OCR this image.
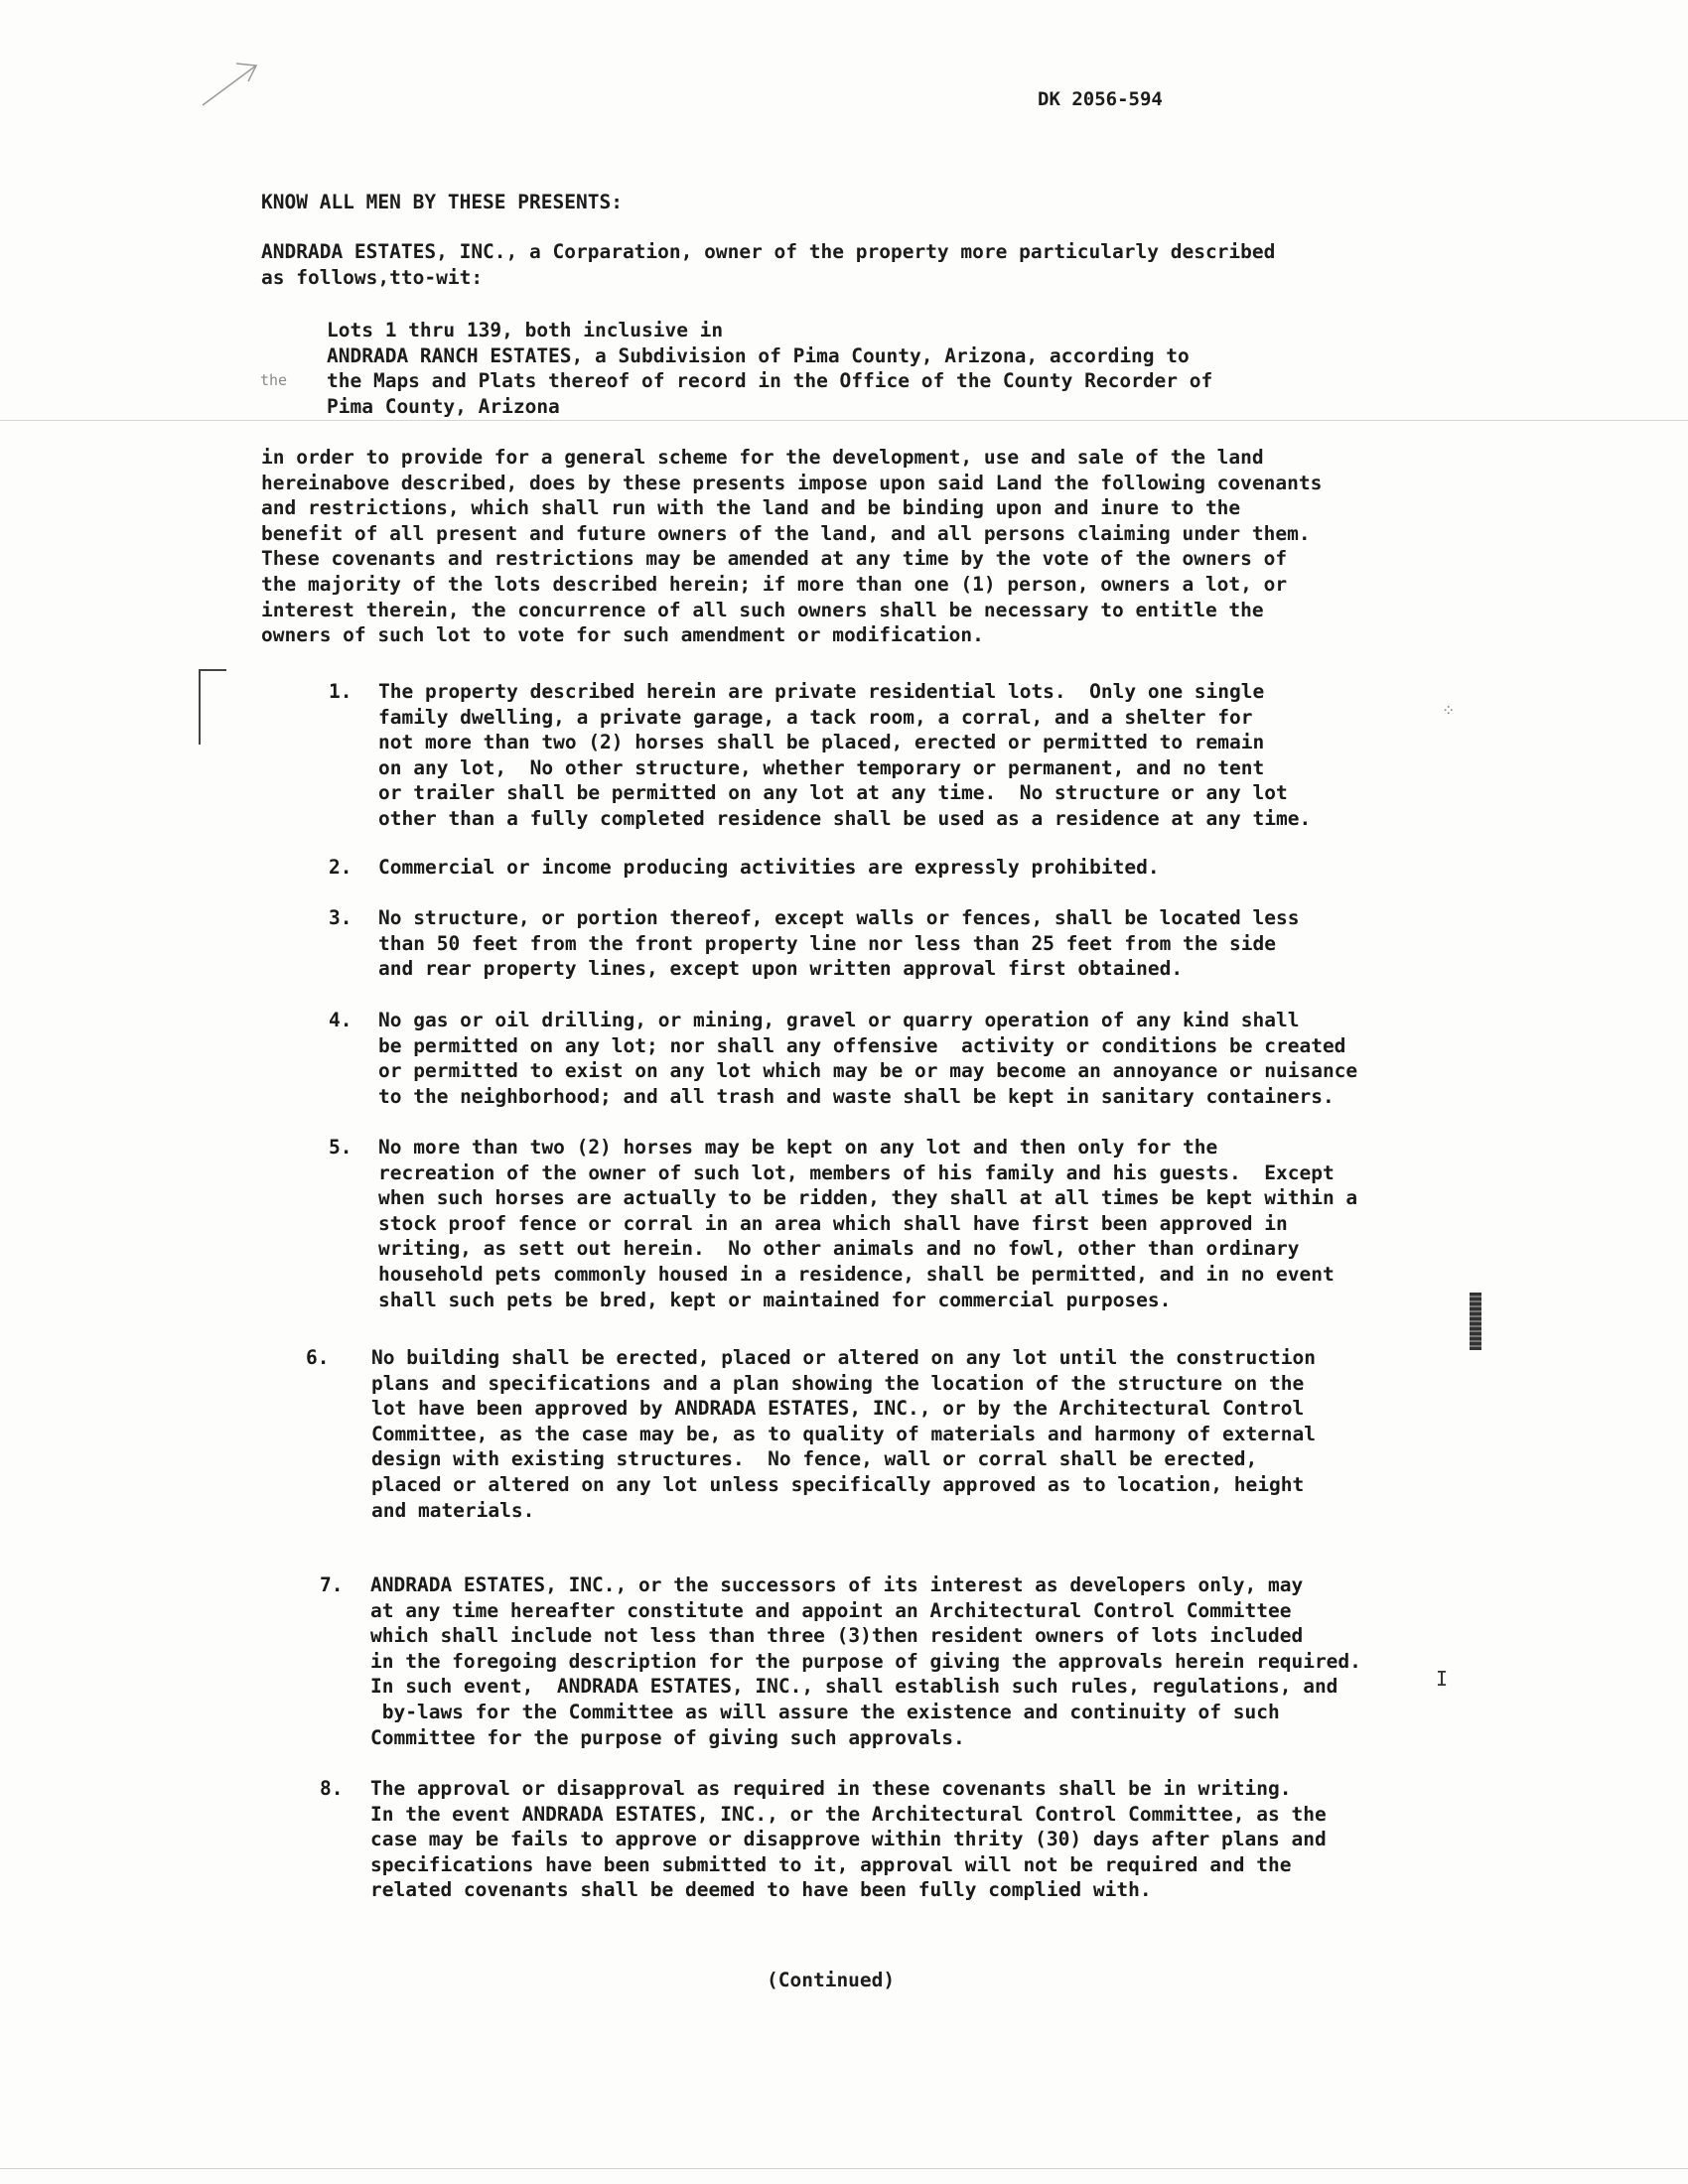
DK 2056-594

KNOW ALL MEN BY THESE PRESENTS:

ANDRADA ESTATES, INC., a Corparation, owner of the property more particularly described
as follows,tto-wit:

the

Lots 1 thru 139, both inclusive in
ANDRADA RANCH ESTATES, a Subdivision of Pima County, Arizona, according to
the Maps and Plats thereof of record in the Office of the County Recorder of
Pima County, Arizona

in order to provide for a general scheme for the development, use and sale of the land
hereinabove described, does by these presents impose upon said Land the following covenants
and restrictions, which shall run with the land and be binding upon and inure to the
benefit of all present and future owners of the land, and all persons claiming under them.
These covenants and restrictions may be amended at any time by the vote of the owners of
the majority of the lots described herein; if more than one (1) person, owners a lot, or
interest therein, the concurrence of all such owners shall be necessary to entitle the
owners of such lot to vote for such amendment or modification.

⁘

1. The property described herein are private residential lots.  Only one single
family dwelling, a private garage, a tack room, a corral, and a shelter for
not more than two (2) horses shall be placed, erected or permitted to remain
on any lot,  No other structure, whether temporary or permanent, and no tent
or trailer shall be permitted on any lot at any time.  No structure or any lot
other than a fully completed residence shall be used as a residence at any time.

2. Commercial or income producing activities are expressly prohibited.

3. No structure, or portion thereof, except walls or fences, shall be located less
than 50 feet from the front property line nor less than 25 feet from the side
and rear property lines, except upon written approval first obtained.

4. No gas or oil drilling, or mining, gravel or quarry operation of any kind shall
be permitted on any lot; nor shall any offensive  activity or conditions be created
or permitted to exist on any lot which may be or may become an annoyance or nuisance
to the neighborhood; and all trash and waste shall be kept in sanitary containers.

5. No more than two (2) horses may be kept on any lot and then only for the
recreation of the owner of such lot, members of his family and his guests.  Except
when such horses are actually to be ridden, they shall at all times be kept within a
stock proof fence or corral in an area which shall have first been approved in
writing, as sett out herein.  No other animals and no fowl, other than ordinary
household pets commonly housed in a residence, shall be permitted, and in no event
shall such pets be bred, kept or maintained for commercial purposes.

6. No building shall be erected, placed or altered on any lot until the construction
plans and specifications and a plan showing the location of the structure on the
lot have been approved by ANDRADA ESTATES, INC., or by the Architectural Control
Committee, as the case may be, as to quality of materials and harmony of external
design with existing structures.  No fence, wall or corral shall be erected,
placed or altered on any lot unless specifically approved as to location, height
and materials.

7. ANDRADA ESTATES, INC., or the successors of its interest as developers only, may
at any time hereafter constitute and appoint an Architectural Control Committee
which shall include not less than three (3)then resident owners of lots included
in the foregoing description for the purpose of giving the approvals herein required.
In such event,  ANDRADA ESTATES, INC., shall establish such rules, regulations, and
by-laws for the Committee as will assure the existence and continuity of such
Committee for the purpose of giving such approvals.

I

8. The approval or disapproval as required in these covenants shall be in writing.
In the event ANDRADA ESTATES, INC., or the Architectural Control Committee, as the
case may be fails to approve or disapprove within thrity (30) days after plans and
specifications have been submitted to it, approval will not be required and the
related covenants shall be deemed to have been fully complied with.

(Continued)
